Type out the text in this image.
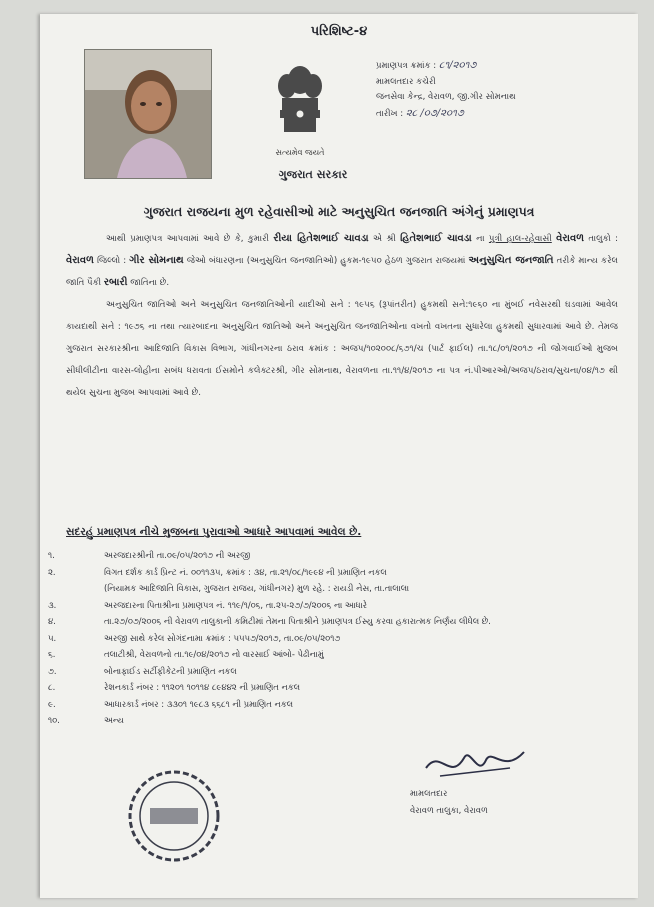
પરિશિષ્ટ-૪
સત્યમેવ જયતે
ગુજરાત સરકાર
પ્રમાણપત્ર ક્રમાંક : ૮૧/૨૦૧૭
મામલતદાર કચેરી
જનસેવા કેન્દ્ર, વેરાવળ, જી.ગીર સોમનાથ
તારીખ : ૨૮ /૦૭/૨૦૧૭
ગુજરાત રાજયના મુળ રહેવાસીઓ માટે અનુસુચિત જનજાતિ અંગેનું પ્રમાણપત્ર

આથી પ્રમાણપત્ર આપવામાં આવે છે કે, કુમારી રીયા હિતેશભાઈ ચાવડા એ શ્રી હિતેશભાઈ ચાવડા ના પુત્રી હાલ-રહેવાસી વેરાવળ તાલુકો : વેરાવળ જિલ્લો : ગીર સોમનાથ જેઓ બંધારણના (અનુસુચિત જનજાતિઓ) હુકમ-૧૯૫૦ હેઠળ ગુજરાત રાજયમાં અનુસુચિત જનજાતિ તરીકે માન્ય કરેલ જાતિ પૈકી રબારી જાતિના છે.

અનુસુચિત જાતિઓ અને અનુસુચિત જનજાતિઓની યાદીઓ સને : ૧૯૫૬ (રૂપાંતરીત) હુકમથી સને:૧૯૬૦ ના મુંબઈ નવેસરથી ઘડવામાં આવેલ કાયદાથી સને : ૧૯૭૬ ના તથા ત્યારબાદના અનુસુચિત જાતિઓ અને અનુસુચિત જનજાતિઓના વખતો વખતના સુધારેલા હુકમથી સુધારવામાં આવે છે. તેમજ ગુજરાત સરકારશ્રીના આદિજાતિ વિકાસ વિભાગ, ગાંધીનગરના ઠરાવ ક્રમાંક : અજપ/૧૦૨૦૦૮/૬૭૧/ચ (પાર્ટ ફાઈલ) તા.૧૮/૦૧/૨૦૧૭ ની જોગવાઈઓ મુજબ સીધીલીટીના વારસ-લોહીના સબંધ ધરાવતા ઈસમોને કલેક્ટરશ્રી, ગીર સોમનાથ, વેરાવળના તા.૧૧/૪/૨૦૧૭ ના પત્ર નં.પીઆરઓ/અજપ/ઠરાવ/સુચના/૦૪/૧૭ થી થયેલ સુચના મુજબ આપવામાં આવે છે.

સદરહું પ્રમાણપત્ર નીચે મુજબના પુરાવાઓ આધારે આપવામાં આવેલ છે.
૧.	અરજદારશ્રીની તા.૦૯/૦૫/૨૦૧૭ ની અરજી
૨.	વિગત દર્શક કાર્ડ પ્રિન્ટ નં. ૦૦૧૧૩૫, ક્રમાંક : ૩૪, તા.૨૧/૦૮/૧૯૯૪ ની પ્રમાણિત નકલ
(નિયામક આદિજાતિ વિકાસ, ગુજરાત રાજય, ગાંધીનગર) મુળ રહે. : રાયડી નેસ, તા.તાલાલા
૩.	અરજદારના પિતાશ્રીના પ્રમાણપત્ર નં. ૧૧૯/૧/૦૬, તા.૨૫-૨૭/૭/૨૦૦૬ ના આધારે
૪.	તા.૨૭/૦૭/૨૦૦૬ ની વેરાવળ તાલુકાની કમિટીમાં તેમના પિતાશ્રીને પ્રમાણપત્ર ઈસ્યુ કરવા હકારાત્મક નિર્ણય લીધેલ છે.
૫.	અરજી સાથે કરેલ સોગંદનામા ક્રમાંક : ૫૫૫૭/૨૦૧૭, તા.૦૯/૦૫/૨૦૧૭
૬.	તલાટીશ્રી, વેરાવળનો તા.૧૯/૦૪/૨૦૧૭ નો વારસાઈ આંબો- પેઢીનામું
૭.	બોનાફાઈડ સર્ટીફીકેટની પ્રમાણિત નકલ
૮.	રેશનકાર્ડ નંબર : ૧૧૨૦૧ ૧૦૧૧૪ ૮૯૪૪૨ ની પ્રમાણિત નકલ
૯.	આધારકાર્ડ નંબર : ૩૩૦૧ ૧૯૮૩ ૬૬૮૧ ની પ્રમાણિત નકલ
૧૦.	અન્ય
મામલતદાર
વેરાવળ તાલુકા, વેરાવળ
